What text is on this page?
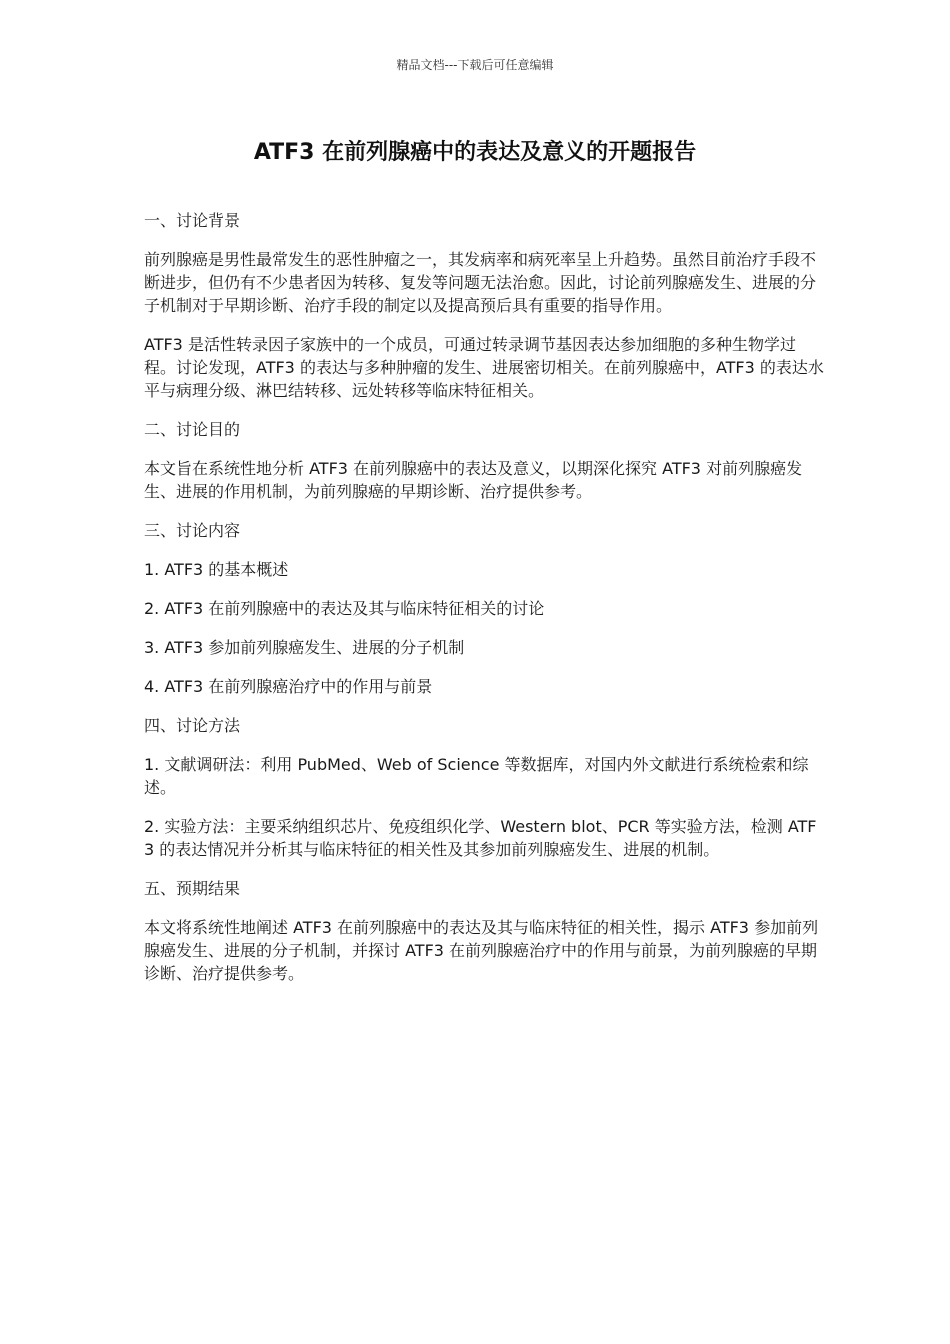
精品文档---下载后可任意编辑
ATF3 在前列腺癌中的表达及意义的开题报告
一、讨论背景

前列腺癌是男性最常发生的恶性肿瘤之一，其发病率和病死率呈上升趋势。虽然目前治疗手段不断进步，但仍有不少患者因为转移、复发等问题无法治愈。因此，讨论前列腺癌发生、进展的分子机制对于早期诊断、治疗手段的制定以及提高预后具有重要的指导作用。

ATF3 是活性转录因子家族中的一个成员，可通过转录调节基因表达参加细胞的多种生物学过程。讨论发现，ATF3 的表达与多种肿瘤的发生、进展密切相关。在前列腺癌中，ATF3 的表达水平与病理分级、淋巴结转移、远处转移等临床特征相关。

二、讨论目的

本文旨在系统性地分析 ATF3 在前列腺癌中的表达及意义，以期深化探究 ATF3 对前列腺癌发生、进展的作用机制，为前列腺癌的早期诊断、治疗提供参考。

三、讨论内容

1. ATF3 的基本概述

2. ATF3 在前列腺癌中的表达及其与临床特征相关的讨论

3. ATF3 参加前列腺癌发生、进展的分子机制

4. ATF3 在前列腺癌治疗中的作用与前景

四、讨论方法

1. 文献调研法：利用 PubMed、Web of Science 等数据库，对国内外文献进行系统检索和综述。

2. 实验方法：主要采纳组织芯片、免疫组织化学、Western blot、PCR 等实验方法，检测 ATF3 的表达情况并分析其与临床特征的相关性及其参加前列腺癌发生、进展的机制。

五、预期结果

本文将系统性地阐述 ATF3 在前列腺癌中的表达及其与临床特征的相关性，揭示 ATF3 参加前列腺癌发生、进展的分子机制，并探讨 ATF3 在前列腺癌治疗中的作用与前景，为前列腺癌的早期诊断、治疗提供参考。
